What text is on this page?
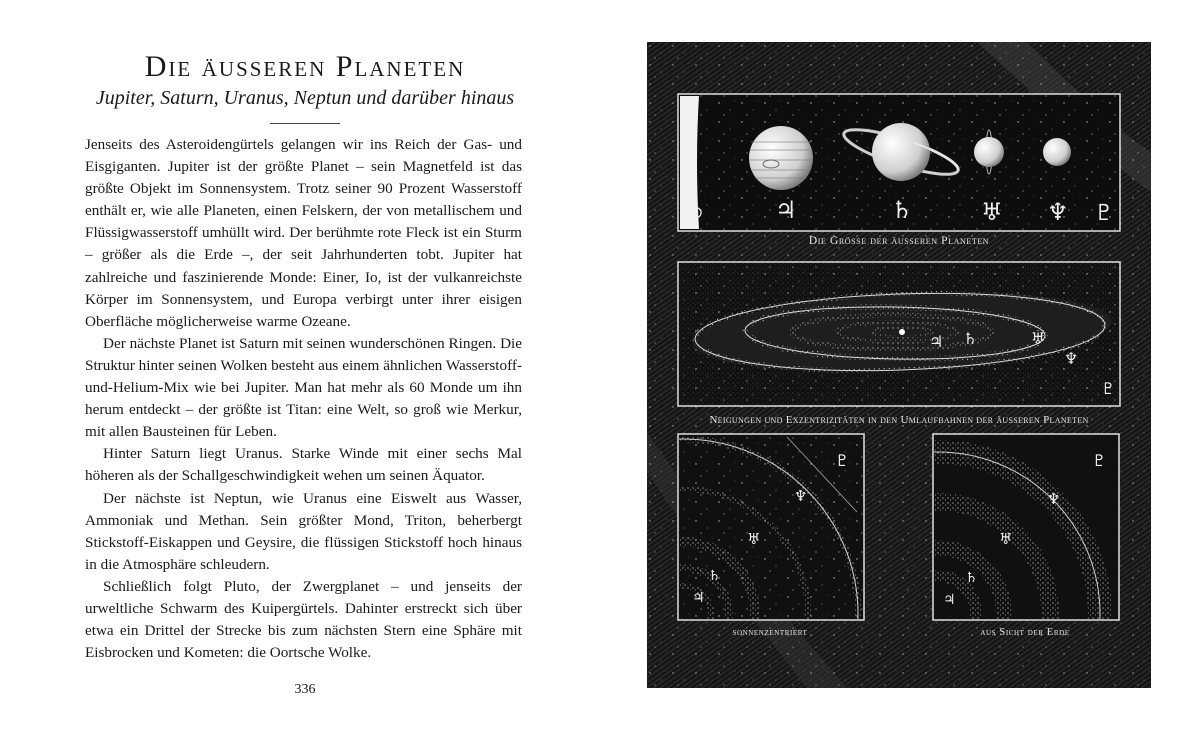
Die äusseren Planeten
Jupiter, Saturn, Uranus, Neptun und darüber hinaus

Jenseits des Asteroidengürtels gelangen wir ins Reich der Gas- und Eisgiganten. Jupiter ist der größte Planet – sein Magnetfeld ist das größte Objekt im Sonnensystem. Trotz seiner 90 Prozent Wasserstoff enthält er, wie alle Planeten, einen Felskern, der von metallischem und Flüssigwasserstoff umhüllt wird. Der berühmte rote Fleck ist ein Sturm – größer als die Erde –, der seit Jahrhunderten tobt. Jupiter hat zahlreiche und faszinierende Monde: Einer, Io, ist der vulkanreichste Körper im Sonnensystem, und Europa verbirgt unter ihrer eisigen Oberfläche möglicherweise warme Ozeane.

Der nächste Planet ist Saturn mit seinen wunderschönen Ringen. Die Struktur hinter seinen Wolken besteht aus einem ähnlichen Wasserstoff-und-Helium-Mix wie bei Jupiter. Man hat mehr als 60 Monde um ihn herum entdeckt – der größte ist Titan: eine Welt, so groß wie Merkur, mit allen Bausteinen für Leben.

Hinter Saturn liegt Uranus. Starke Winde mit einer sechs Mal höheren als der Schallgeschwindigkeit wehen um seinen Äquator.

Der nächste ist Neptun, wie Uranus eine Eiswelt aus Wasser, Ammoniak und Methan. Sein größter Mond, Triton, beherbergt Stickstoff-Eiskappen und Geysire, die flüssigen Stickstoff hoch hinaus in die Atmosphäre schleudern.

Schließlich folgt Pluto, der Zwergplanet – und jenseits der urweltliche Schwarm des Kuipergürtels. Dahinter erstreckt sich über etwa ein Drittel der Strecke bis zum nächsten Stern eine Sphäre mit Eisbrocken und Kometen: die Oortsche Wolke.

336
⊙	♃	♄	♅ ♆ ♇
♃ ♄	♅
♆
♇
♇
♆
♅
♄
♃
♇
♆
♅
♄
♃
Die Grösse der äusseren Planeten
Neigungen und Exzentrizitäten in den Umlaufbahnen der äusseren Planeten
sonnenzentriert	aus Sicht der Erde
